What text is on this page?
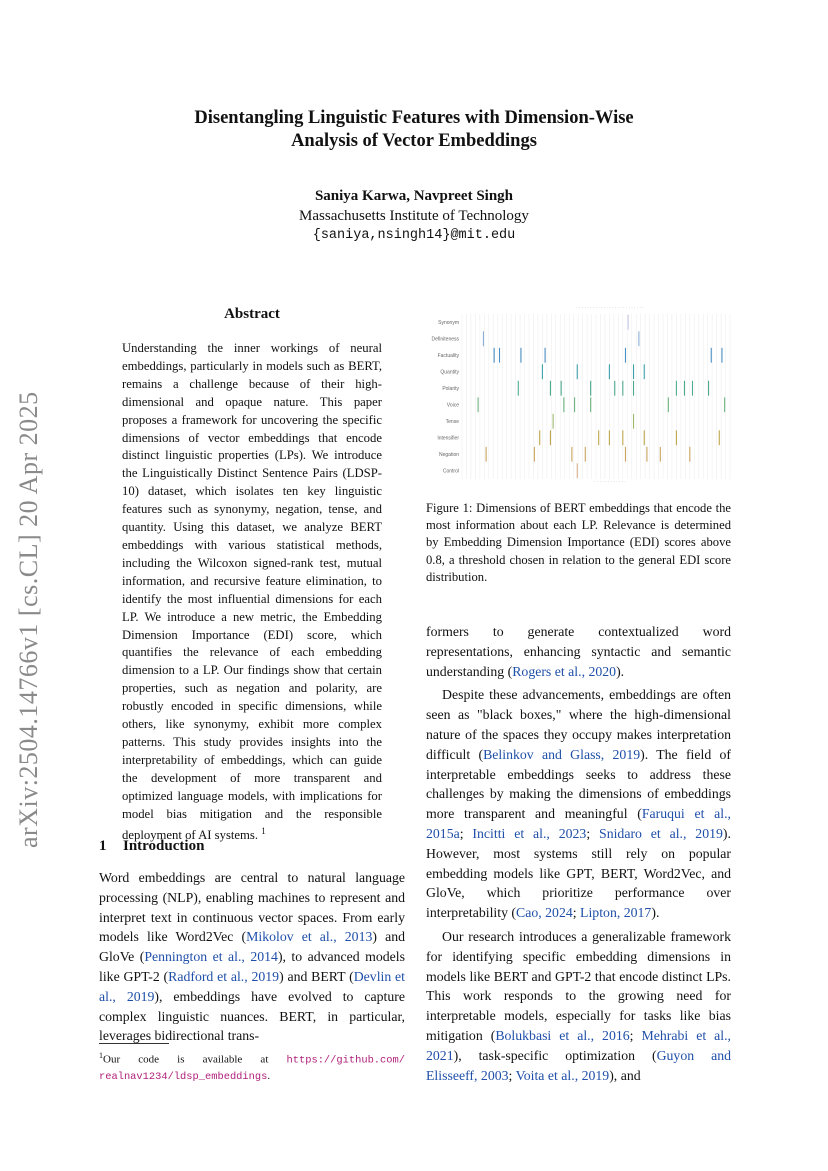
Disentangling Linguistic Features with Dimension-Wise
Analysis of Vector Embeddings
Saniya Karwa, Navpreet Singh
Massachusetts Institute of Technology
{saniya,nsingh14}@mit.edu
arXiv:2504.14766v1 [cs.CL] 20 Apr 2025
Abstract
Understanding the inner workings of neural embeddings, particularly in models such as BERT, remains a challenge because of their high-dimensional and opaque nature. This paper proposes a framework for uncovering the specific dimensions of vector embeddings that encode distinct linguistic properties (LPs). We introduce the Linguistically Distinct Sentence Pairs (LDSP-10) dataset, which isolates ten key linguistic features such as synonymy, negation, tense, and quantity. Using this dataset, we analyze BERT embeddings with various statistical methods, including the Wilcoxon signed-rank test, mutual information, and recursive feature elimination, to identify the most influential dimensions for each LP. We introduce a new metric, the Embedding Dimension Importance (EDI) score, which quantifies the relevance of each embedding dimension to a LP. Our findings show that certain properties, such as negation and polarity, are robustly encoded in specific dimensions, while others, like synonymy, exhibit more complex patterns. This study provides insights into the interpretability of embeddings, which can guide the development of more transparent and optimized language models, with implications for model bias mitigation and the responsible deployment of AI systems. $^1$
1 Introduction

Word embeddings are central to natural language processing (NLP), enabling machines to represent and interpret text in continuous vector spaces. From early models like Word2Vec (Mikolov et al., 2013) and GloVe (Pennington et al., 2014), to advanced models like GPT-2 (Radford et al., 2019) and BERT (Devlin et al., 2019), embeddings have evolved to capture complex linguistic nuances. BERT, in particular, leverages bidirectional trans-

$^1$Our code is available at https://github.com/ realnav1234/ldsp_embeddings.
· · · · · · · · · · · · · · · · · · · · · · · · ·
Synonym
Definiteness
Factuality
Quantity
Polarity
Voice
Tense
Intensifier
Negation
Control
· · · · · · · · · · · ·
Figure 1: Dimensions of BERT embeddings that encode the most information about each LP. Relevance is determined by Embedding Dimension Importance (EDI) scores above 0.8, a threshold chosen in relation to the general EDI score distribution.

formers to generate contextualized word representations, enhancing syntactic and semantic understanding (Rogers et al., 2020).

Despite these advancements, embeddings are often seen as "black boxes," where the high-dimensional nature of the spaces they occupy makes interpretation difficult (Belinkov and Glass, 2019). The field of interpretable embeddings seeks to address these challenges by making the dimensions of embeddings more transparent and meaningful (Faruqui et al., 2015a; Incitti et al., 2023; Snidaro et al., 2019). However, most systems still rely on popular embedding models like GPT, BERT, Word2Vec, and GloVe, which prioritize performance over interpretability (Cao, 2024; Lipton, 2017).

Our research introduces a generalizable framework for identifying specific embedding dimensions in models like BERT and GPT-2 that encode distinct LPs. This work responds to the growing need for interpretable models, especially for tasks like bias mitigation (Bolukbasi et al., 2016; Mehrabi et al., 2021), task-specific optimization (Guyon and Elisseeff, 2003; Voita et al., 2019), and
